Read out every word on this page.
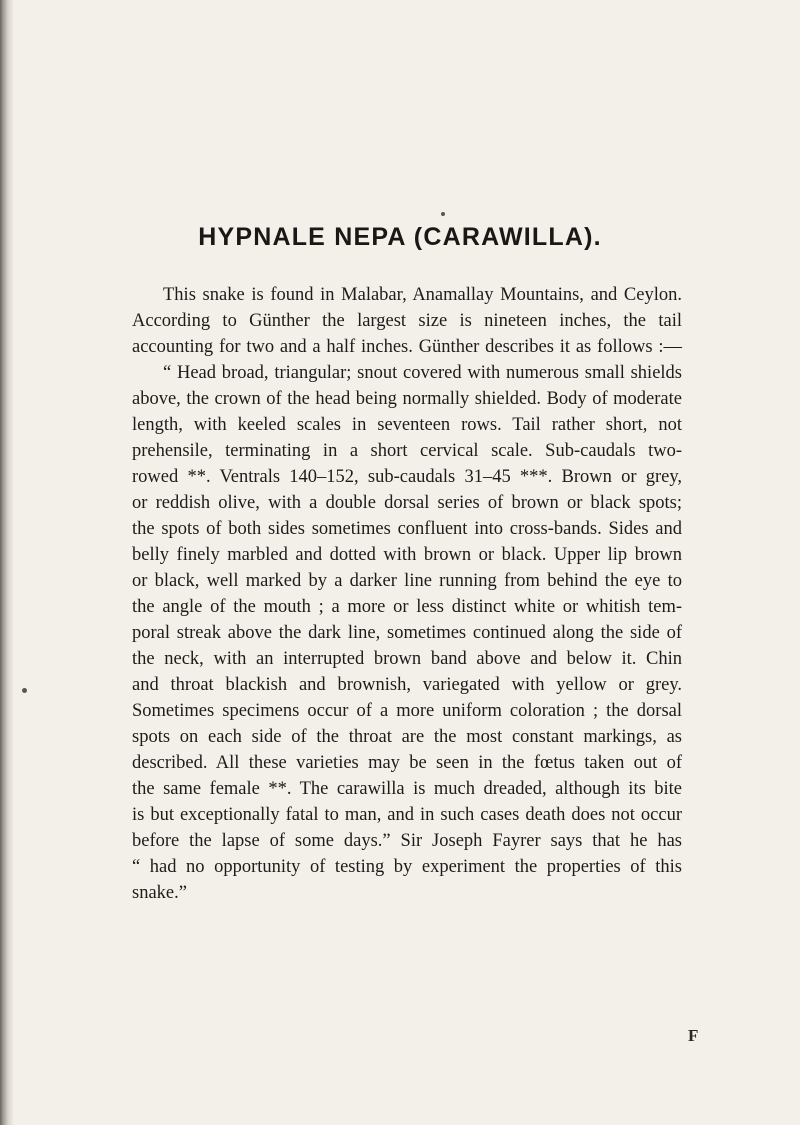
HYPNALE NEPA (CARAWILLA).
This snake is found in Malabar, Anamallay Mountains, and Ceylon.
According to Günther the largest size is nineteen inches, the tail
accounting for two and a half inches. Günther describes it as follows :—
“ Head broad, triangular; snout covered with numerous small shields
above, the crown of the head being normally shielded. Body of moderate
length, with keeled scales in seventeen rows. Tail rather short, not
prehensile, terminating in a short cervical scale. Sub-caudals two-
rowed **. Ventrals 140–152, sub-caudals 31–45 ***. Brown or grey,
or reddish olive, with a double dorsal series of brown or black spots;
the spots of both sides sometimes confluent into cross-bands. Sides and
belly finely marbled and dotted with brown or black. Upper lip brown
or black, well marked by a darker line running from behind the eye to
the angle of the mouth ; a more or less distinct white or whitish tem-
poral streak above the dark line, sometimes continued along the side of
the neck, with an interrupted brown band above and below it. Chin
and throat blackish and brownish, variegated with yellow or grey.
Sometimes specimens occur of a more uniform coloration ; the dorsal
spots on each side of the throat are the most constant markings, as
described. All these varieties may be seen in the fœtus taken out of
the same female **. The carawilla is much dreaded, although its bite
is but exceptionally fatal to man, and in such cases death does not occur
before the lapse of some days.” Sir Joseph Fayrer says that he has
“ had no opportunity of testing by experiment the properties of this
snake.”
F
